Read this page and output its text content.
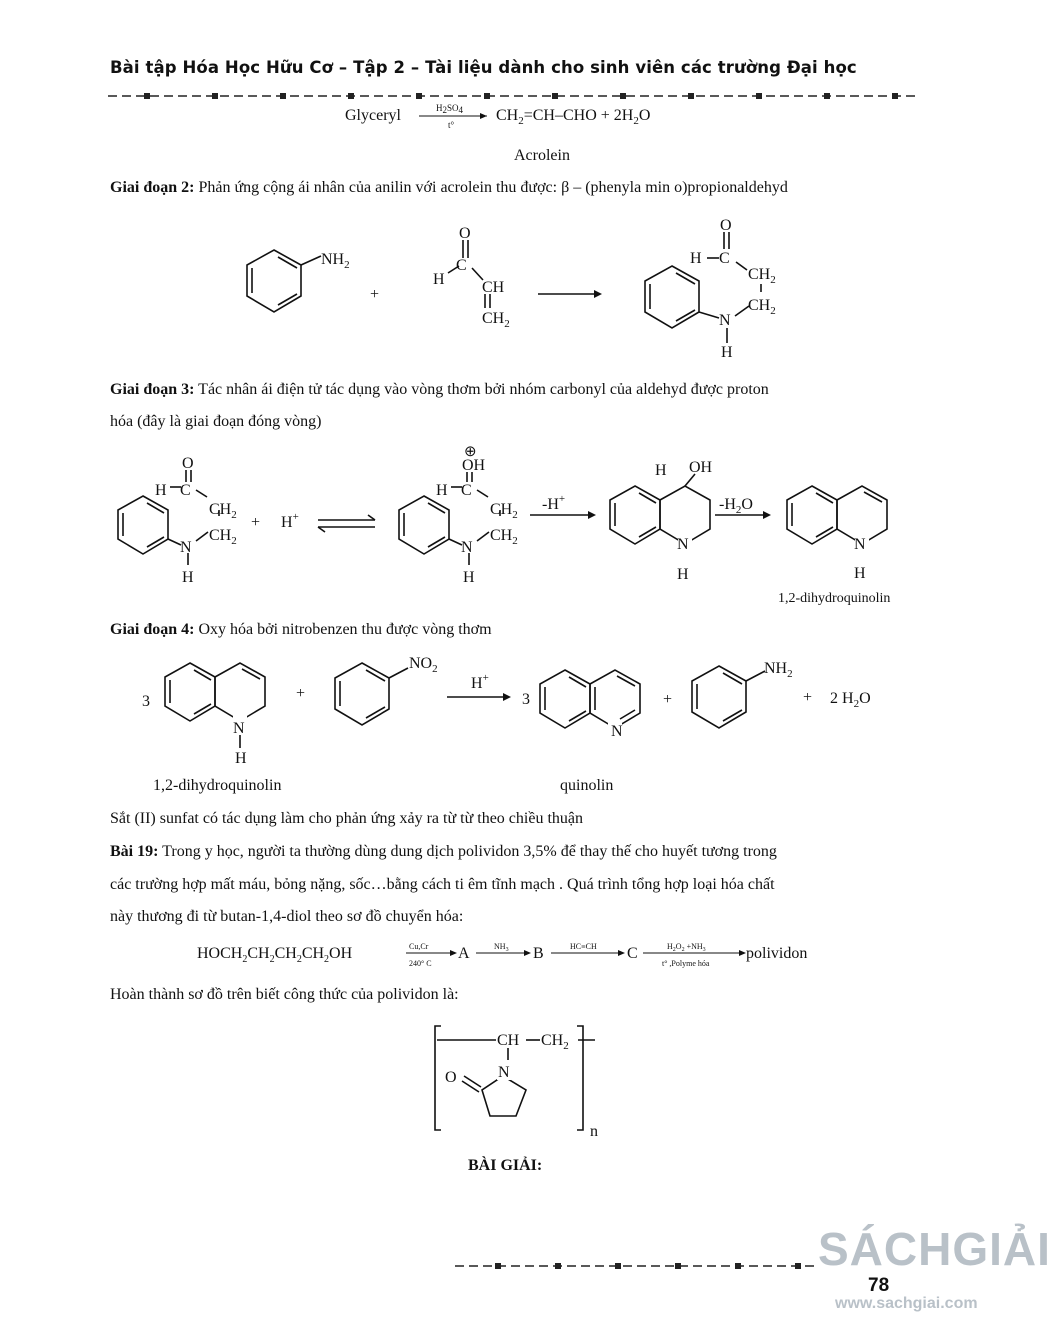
Bài tập Hóa Học Hữu Cơ – Tập 2 – Tài liệu dành cho sinh viên các trường Đại học
Glyceryl	H2SO4
t°
$CH_2=CH$–CHO + $2H_2O$
Acrolein
$NH_2$
+
O
H
C
CH
$CH_2$
O
H C
$CH_2$
$CH_2$
N
H
O
H C
$CH_2$
$CH_2$
N
H
+ H+
⊕
OH
H C
$CH_2$
$CH_2$
N
H
-H+
H OH
N
H
$-H_2O$
N
H
1,2-dihydroquinolin
3
N
H
+
$NO_2$
H+
3
N
+
$NH_2$
+ 2 $H_2O$
$HOCH_2CH_2CH_2CH_2OH$	Cu,Cr
240° C
A	$NH_3$ B	HC≡CH C	$H_2O_2 +NH_3$
t° ,Polyme hóa
polividon
CH $CH_2$
N
O
n
Giai đoạn 2: Phản ứng cộng ái nhân của anilin với acrolein thu được: β – (phenyla min o)propionaldehyd
Giai đoạn 3: Tác nhân ái điện tử tác dụng vào vòng thơm bởi nhóm carbonyl của aldehyd được proton
hóa (đây là giai đoạn đóng vòng)
Giai đoạn 4: Oxy hóa bởi nitrobenzen thu được vòng thơm
1,2-dihydroquinolin	quinolin
Sắt (II) sunfat có tác dụng làm cho phản ứng xảy ra từ từ theo chiều thuận
Bài 19: Trong y học, người ta thường dùng dung dịch polividon 3,5% để thay thế cho huyết tương trong
các trường hợp mất máu, bỏng nặng, sốc…bằng cách ti êm tĩnh mạch . Quá trình tổng hợp loại hóa chất
này thương đi từ butan-1,4-diol theo sơ đồ chuyển hóa:
Hoàn thành sơ đồ trên biết công thức của polividon là:
BÀI GIẢI:
78
SÁCHGIẢI
www.sachgiai.com
